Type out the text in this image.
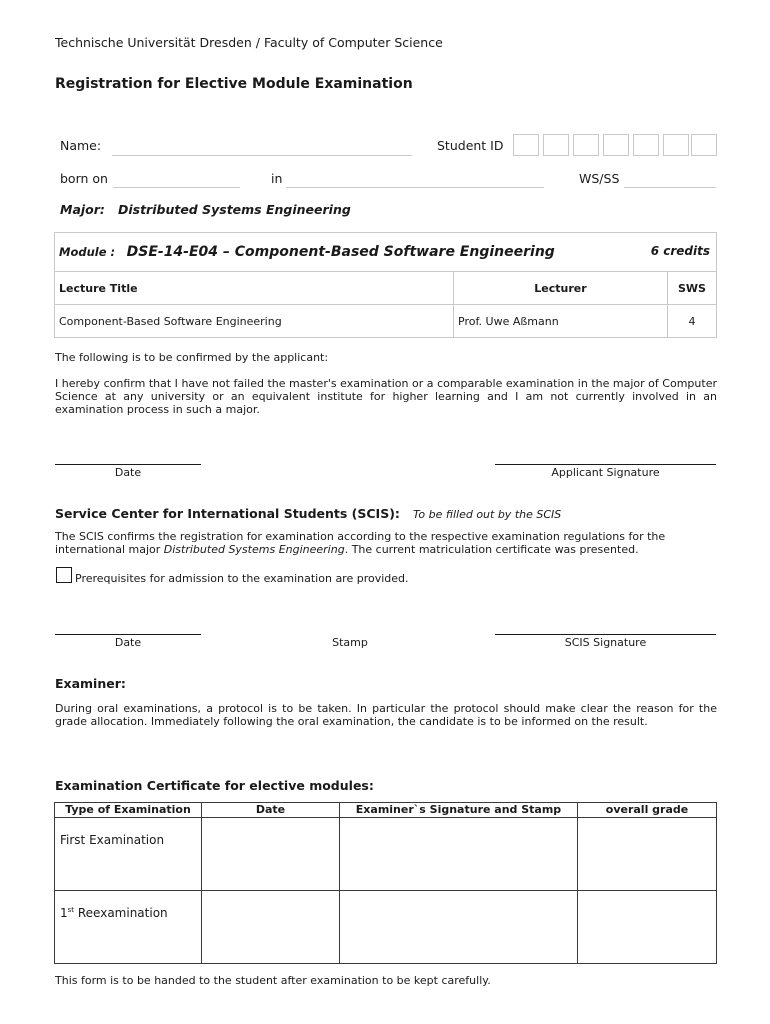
Technische Universität Dresden / Faculty of Computer Science
Registration for Elective Module Examination
Name:	Student ID
born on	in	WS/SS
Major: Distributed Systems Engineering
Module : DSE-14-E04 – Component-Based Software Engineering 6 credits		

Lecture Title	Lecturer	SWS
Component-Based Software Engineering	Prof. Uwe Aßmann	4
The following is to be confirmed by the applicant:
I hereby confirm that I have not failed the master's examination or a comparable examination in the major of Computer Science at any university or an equivalent institute for higher learning and I am not currently involved in an examination process in such a major.
Date	Applicant Signature
Service Center for International Students (SCIS): To be filled out by the SCIS
The SCIS confirms the registration for examination according to the respective examination regulations for the international major Distributed Systems Engineering. The current matriculation certificate was presented.
Prerequisites for admission to the examination are provided.
Date	Stamp	SCIS Signature
Examiner:
During oral examinations, a protocol is to be taken. In particular the protocol should make clear the reason for the grade allocation. Immediately following the oral examination, the candidate is to be informed on the result.
Examination Certificate for elective modules:
Type of Examination	Date	Examiner`s Signature and Stamp	overall grade

First Examination			

1st Reexamination			

This form is to be handed to the student after examination to be kept carefully.
